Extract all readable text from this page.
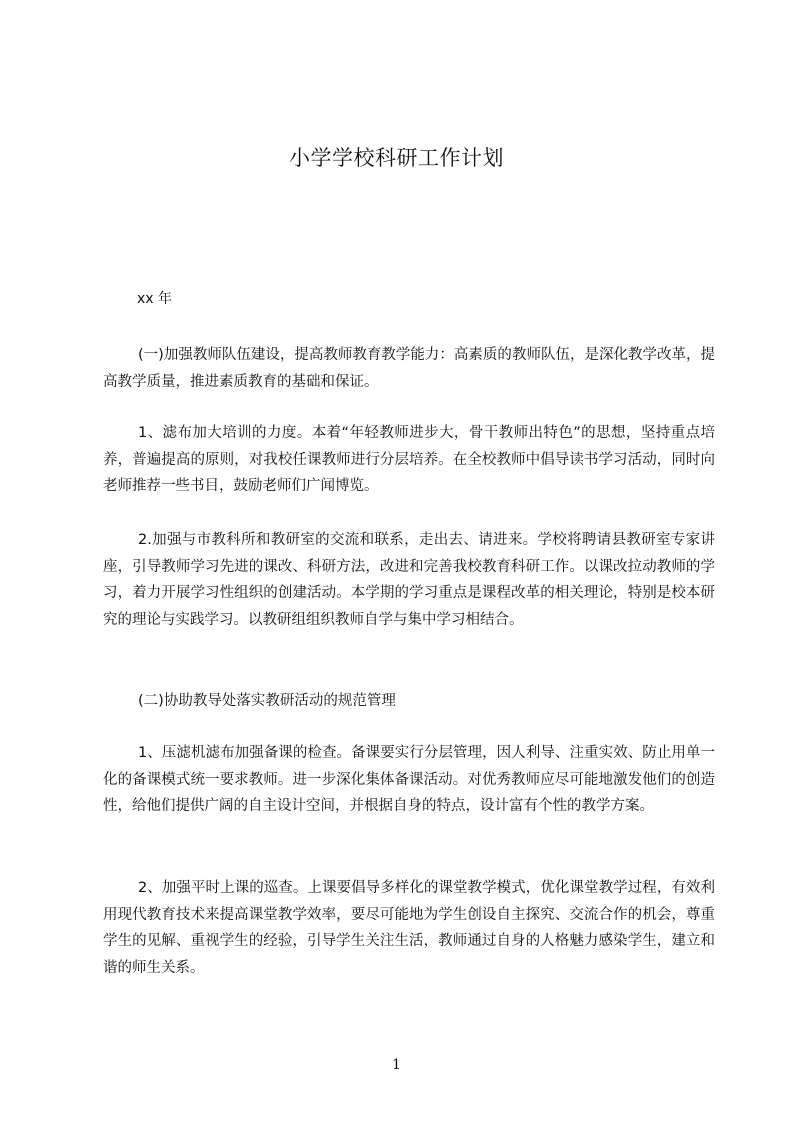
小学学校科研工作计划

xx 年

(一)加强教师队伍建设，提高教师教育教学能力：高素质的教师队伍，是深化教学改革，提高教学质量，推进素质教育的基础和保证。

1、滤布加大培训的力度。本着“年轻教师进步大，骨干教师出特色”的思想，坚持重点培养，普遍提高的原则，对我校任课教师进行分层培养。在全校教师中倡导读书学习活动，同时向老师推荐一些书目，鼓励老师们广闻博览。

2.加强与市教科所和教研室的交流和联系，走出去、请进来。学校将聘请县教研室专家讲座，引导教师学习先进的课改、科研方法，改进和完善我校教育科研工作。以课改拉动教师的学习，着力开展学习性组织的创建活动。本学期的学习重点是课程改革的相关理论，特别是校本研究的理论与实践学习。以教研组组织教师自学与集中学习相结合。

(二)协助教导处落实教研活动的规范管理

1、压滤机滤布加强备课的检查。备课要实行分层管理，因人利导、注重实效、防止用单一化的备课模式统一要求教师。进一步深化集体备课活动。对优秀教师应尽可能地激发他们的创造性，给他们提供广阔的自主设计空间，并根据自身的特点，设计富有个性的教学方案。

2、加强平时上课的巡查。上课要倡导多样化的课堂教学模式，优化课堂教学过程，有效利用现代教育技术来提高课堂教学效率，要尽可能地为学生创设自主探究、交流合作的机会，尊重学生的见解、重视学生的经验，引导学生关注生活，教师通过自身的人格魅力感染学生，建立和谐的师生关系。

1
